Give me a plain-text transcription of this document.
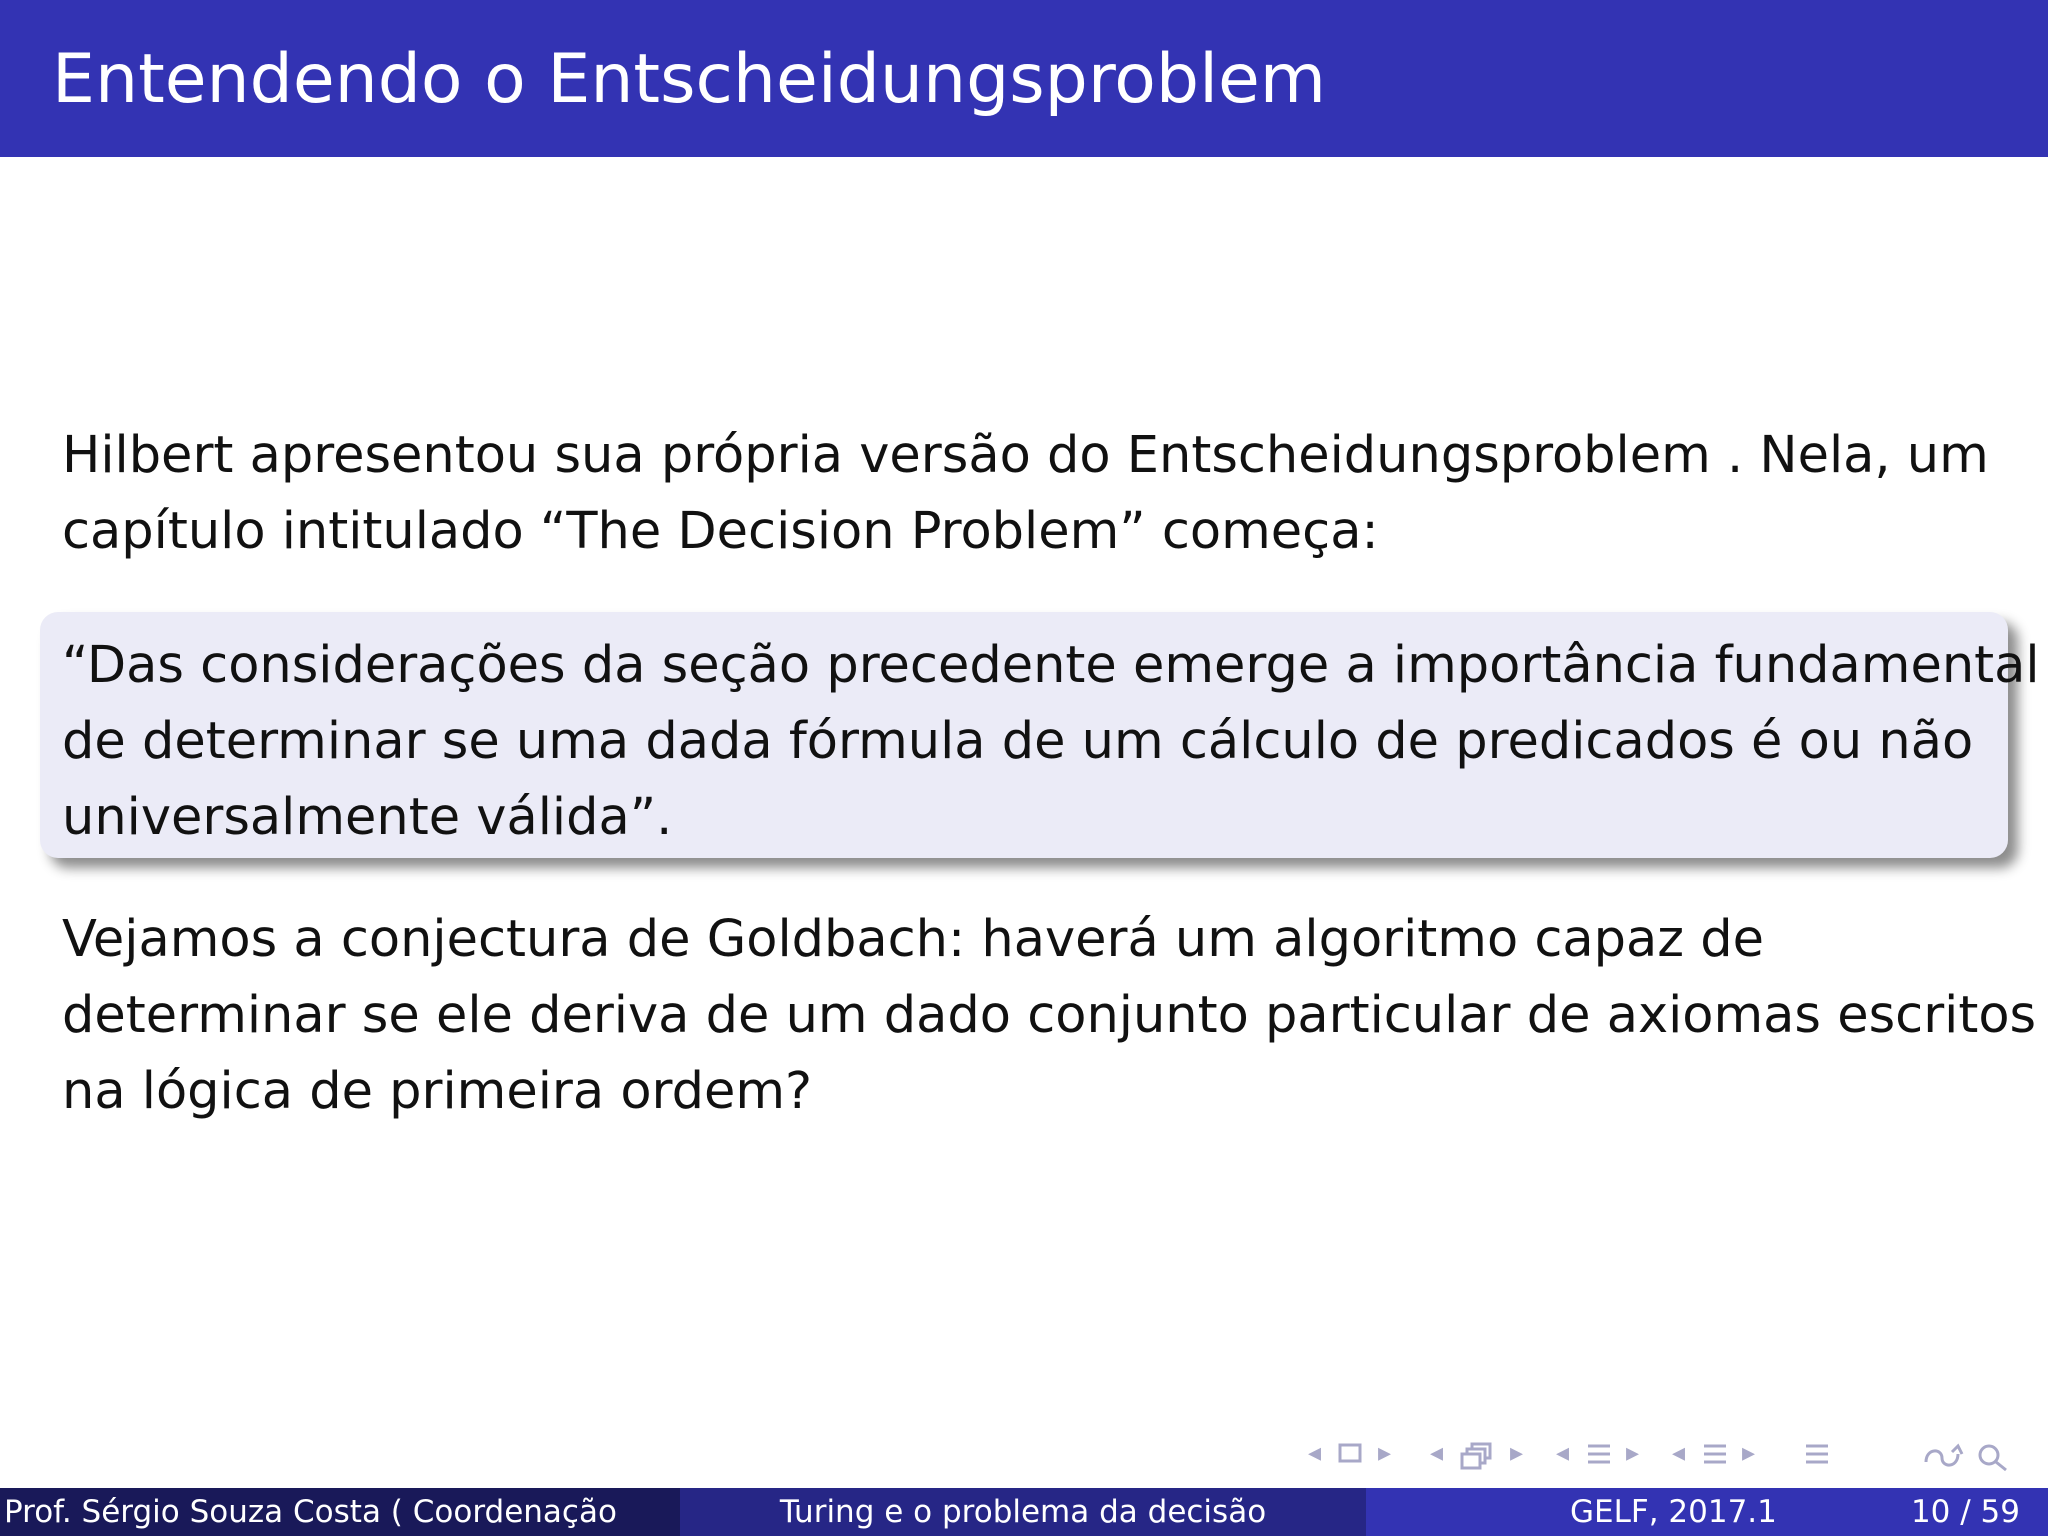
Entendendo o Entscheidungsproblem
Hilbert apresentou sua própria versão do Entscheidungsproblem . Nela, um
capítulo intitulado “The Decision Problem” começa:
“Das considerações da seção precedente emerge a importância fundamental
de determinar se uma dada fórmula de um cálculo de predicados é ou não
universalmente válida”.
Vejamos a conjectura de Goldbach: haverá um algoritmo capaz de
determinar se ele deriva de um dado conjunto particular de axiomas escritos
na lógica de primeira ordem?
◂ ▸ ◂	▸ ◂ ▸ ◂ ▸
Prof. Sérgio Souza Costa ( Coordenação	Turing e o problema da decisão	GELF, 2017.1	10 / 59
